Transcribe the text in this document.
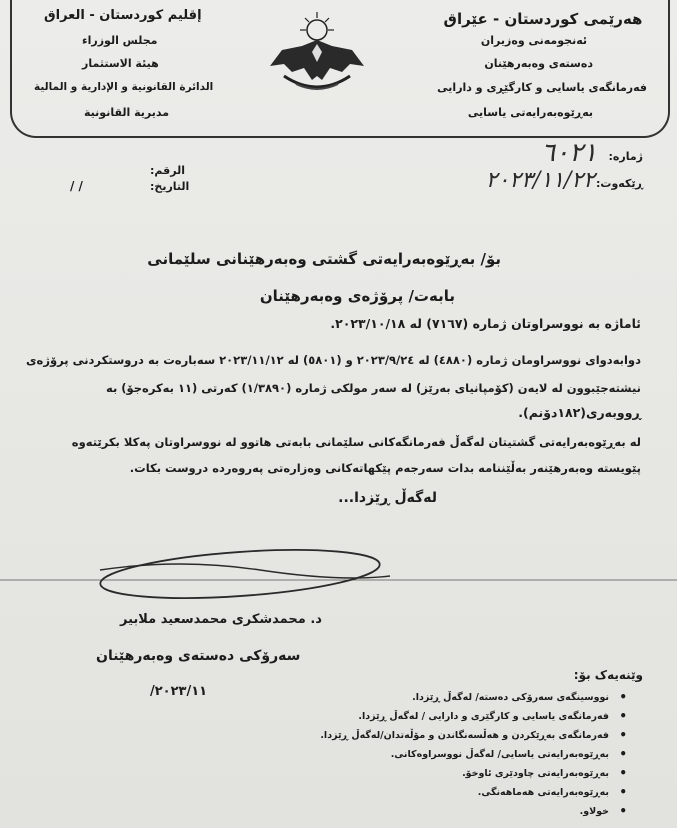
هەرێمی کوردستان - عێراق
ئەنجومەنی وەزیران
دەستەی وەبەرهێنان
فەرمانگەی یاسایی و کارگێڕی و دارایی
بەڕێوەبەرایەتی یاسایی
إقليم كوردستان - العراق
مجلس الوزراء
هيئة الاستثمار
الدائرة القانونية و الإدارية و المالية
مديرية القانونية
ژمارە:
٦٠٢١
ڕێکەوت:
٢٠٢٣/١١/٢٢
الرقم:
التاريخ:
/ /
بۆ/ بەڕێوەبەرایەتی گشتی وەبەرهێنانی سلێمانی
بابەت/ پرۆژەی وەبەرهێنان
ئاماژە بە نووسراوتان ژمارە (٧١٦٧) لە ٢٠٢٣/١٠/١٨.
دوابەدوای نووسراومان ژمارە (٤٨٨٠) لە ٢٠٢٣/٩/٢٤ و (٥٨٠١) لە ٢٠٢٣/١١/١٢ سەبارەت بە دروستکردنی پرۆژەی
نیشتەجێبوون لە لایەن (کۆمپانیای بەرێز) لە سەر مولکی ژمارە (١/٣٨٩٠) کەرتی (١١ بەکرەجۆ) بە
ڕووبەری(١٨٢دۆنم).
لە بەڕێوەبەرایەتی گشتیتان لەگەڵ فەرمانگەکانی سلێمانی بابەتی هاتوو لە نووسراوتان پەکلا بکرێتەوە
پێویستە وەبەرهێنەر بەڵێننامە بدات سەرجەم پێکهاتەکانی وەزارەتی پەروەردە دروست بکات.
لەگەڵ ڕێزدا...
د. محمدشکری محمدسعید ملابیر
سەرۆکی دەستەی وەبەرهێنان
٢٠٢٣/١١/
وێنەیەک بۆ:
• نووسینگەی سەرۆکی دەستە/ لەگەڵ ڕێزدا.
• فەرمانگەی یاسایی و کارگێری و دارایی / لەگەڵ ڕێزدا.
• فەرمانگەی بەڕێکردن و هەڵسەنگاندن و مۆڵەتدان/لەگەڵ ڕێزدا.
• بەڕێوەبەرایەتی یاسایی/ لەگەڵ نووسراوەکانی.
• بەڕێوەبەرایەتی چاودێری ئاوخۆ.
• بەڕێوەبەرایەتی هەماهەنگی.
• خولاو.
